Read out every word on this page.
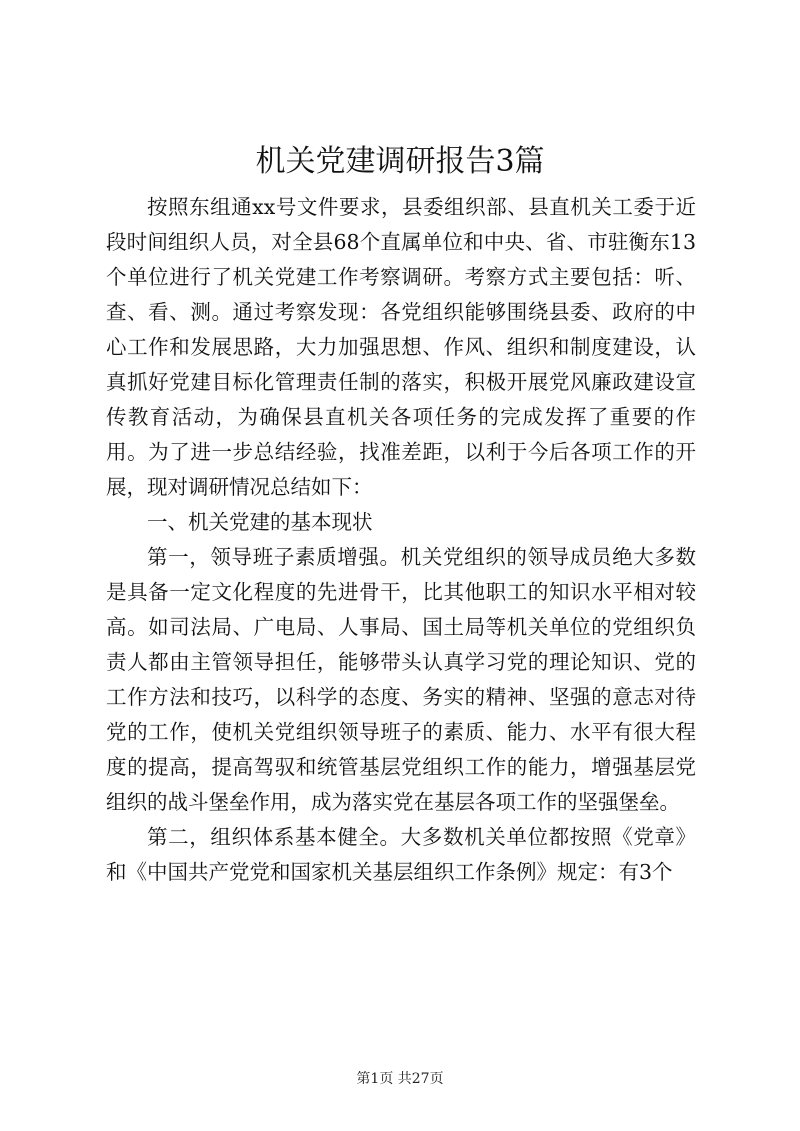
机关党建调研报告3篇

按照东组通xx号文件要求，县委组织部、县直机关工委于近段时间组织人员，对全县68个直属单位和中央、省、市驻衡东13个单位进行了机关党建工作考察调研。考察方式主要包括：听、查、看、测。通过考察发现：各党组织能够围绕县委、政府的中心工作和发展思路，大力加强思想、作风、组织和制度建设，认真抓好党建目标化管理责任制的落实，积极开展党风廉政建设宣传教育活动，为确保县直机关各项任务的完成发挥了重要的作用。为了进一步总结经验，找准差距，以利于今后各项工作的开展，现对调研情况总结如下：

一、机关党建的基本现状

第一，领导班子素质增强。机关党组织的领导成员绝大多数是具备一定文化程度的先进骨干，比其他职工的知识水平相对较高。如司法局、广电局、人事局、国土局等机关单位的党组织负责人都由主管领导担任，能够带头认真学习党的理论知识、党的工作方法和技巧，以科学的态度、务实的精神、坚强的意志对待党的工作，使机关党组织领导班子的素质、能力、水平有很大程度的提高，提高驾驭和统管基层党组织工作的能力，增强基层党组织的战斗堡垒作用，成为落实党在基层各项工作的坚强堡垒。

第二，组织体系基本健全。大多数机关单位都按照《党章》和《中国共产党党和国家机关基层组织工作条例》规定：有3个

第1页 共27页
